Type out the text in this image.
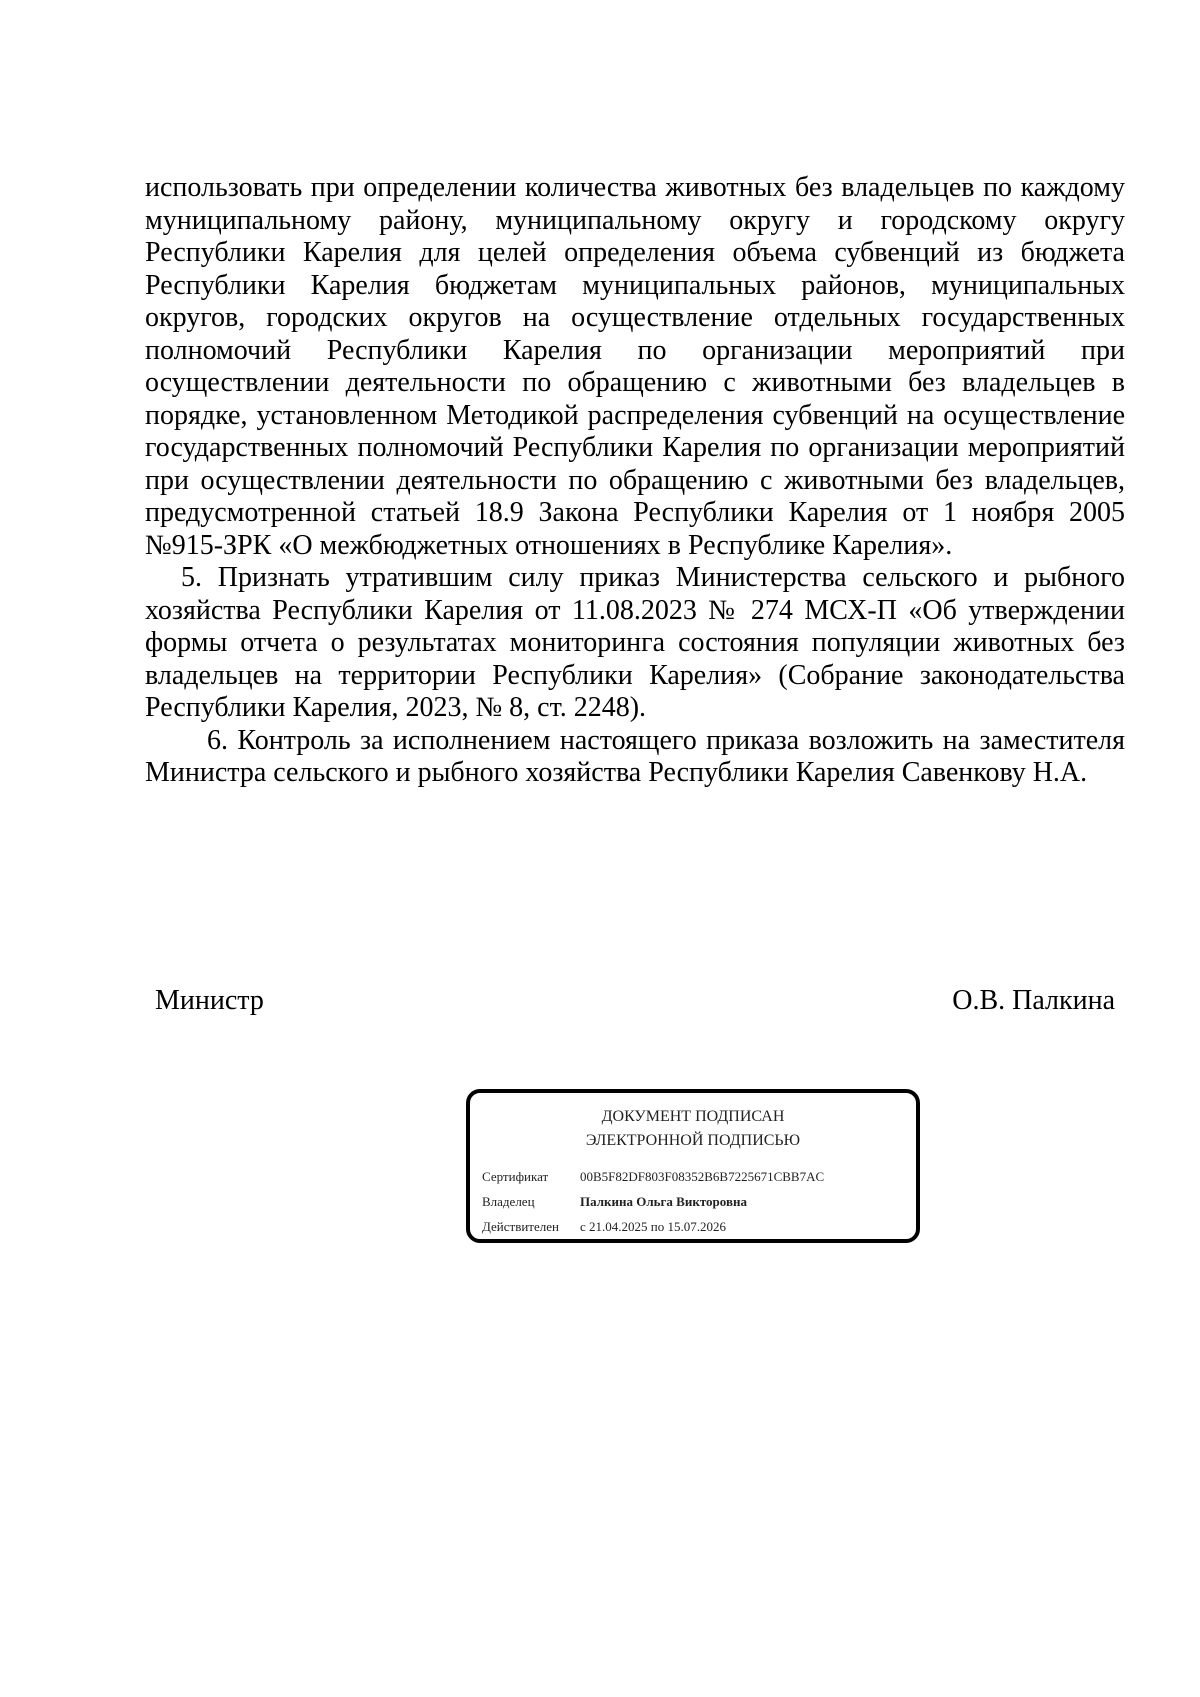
использовать при определении количества животных без владельцев по каждому муниципальному району, муниципальному округу и городскому округу Республики Карелия для целей определения объема субвенций из бюджета Республики Карелия бюджетам муниципальных районов, муниципальных округов, городских округов на осуществление отдельных государственных полномочий Республики Карелия по организации мероприятий при осуществлении деятельности по обращению с животными без владельцев в порядке, установленном Методикой распределения субвенций на осуществление государственных полномочий Республики Карелия по организации мероприятий при осуществлении деятельности по обращению с животными без владельцев, предусмотренной статьей 18.9 Закона Республики Карелия от 1 ноября 2005 №915-ЗРК «О межбюджетных отношениях в Республике Карелия».

5. Признать утратившим силу приказ Министерства сельского и рыбного хозяйства Республики Карелия от 11.08.2023 № 274 МСХ-П «Об утверждении формы отчета о результатах мониторинга состояния популяции животных без владельцев на территории Республики Карелия» (Собрание законодательства Республики Карелия, 2023, № 8, ст. 2248).

6. Контроль за исполнением настоящего приказа возложить на заместителя Министра сельского и рыбного хозяйства Республики Карелия Савенкову Н.А.

Министр	О.В. Палкина
ДОКУМЕНТ ПОДПИСАН
ЭЛЕКТРОННОЙ ПОДПИСЬЮ
Сертификат 00B5F82DF803F08352B6B7225671CBB7AC
Владелец	Палкина Ольга Викторовна
Действителен с 21.04.2025 по 15.07.2026
